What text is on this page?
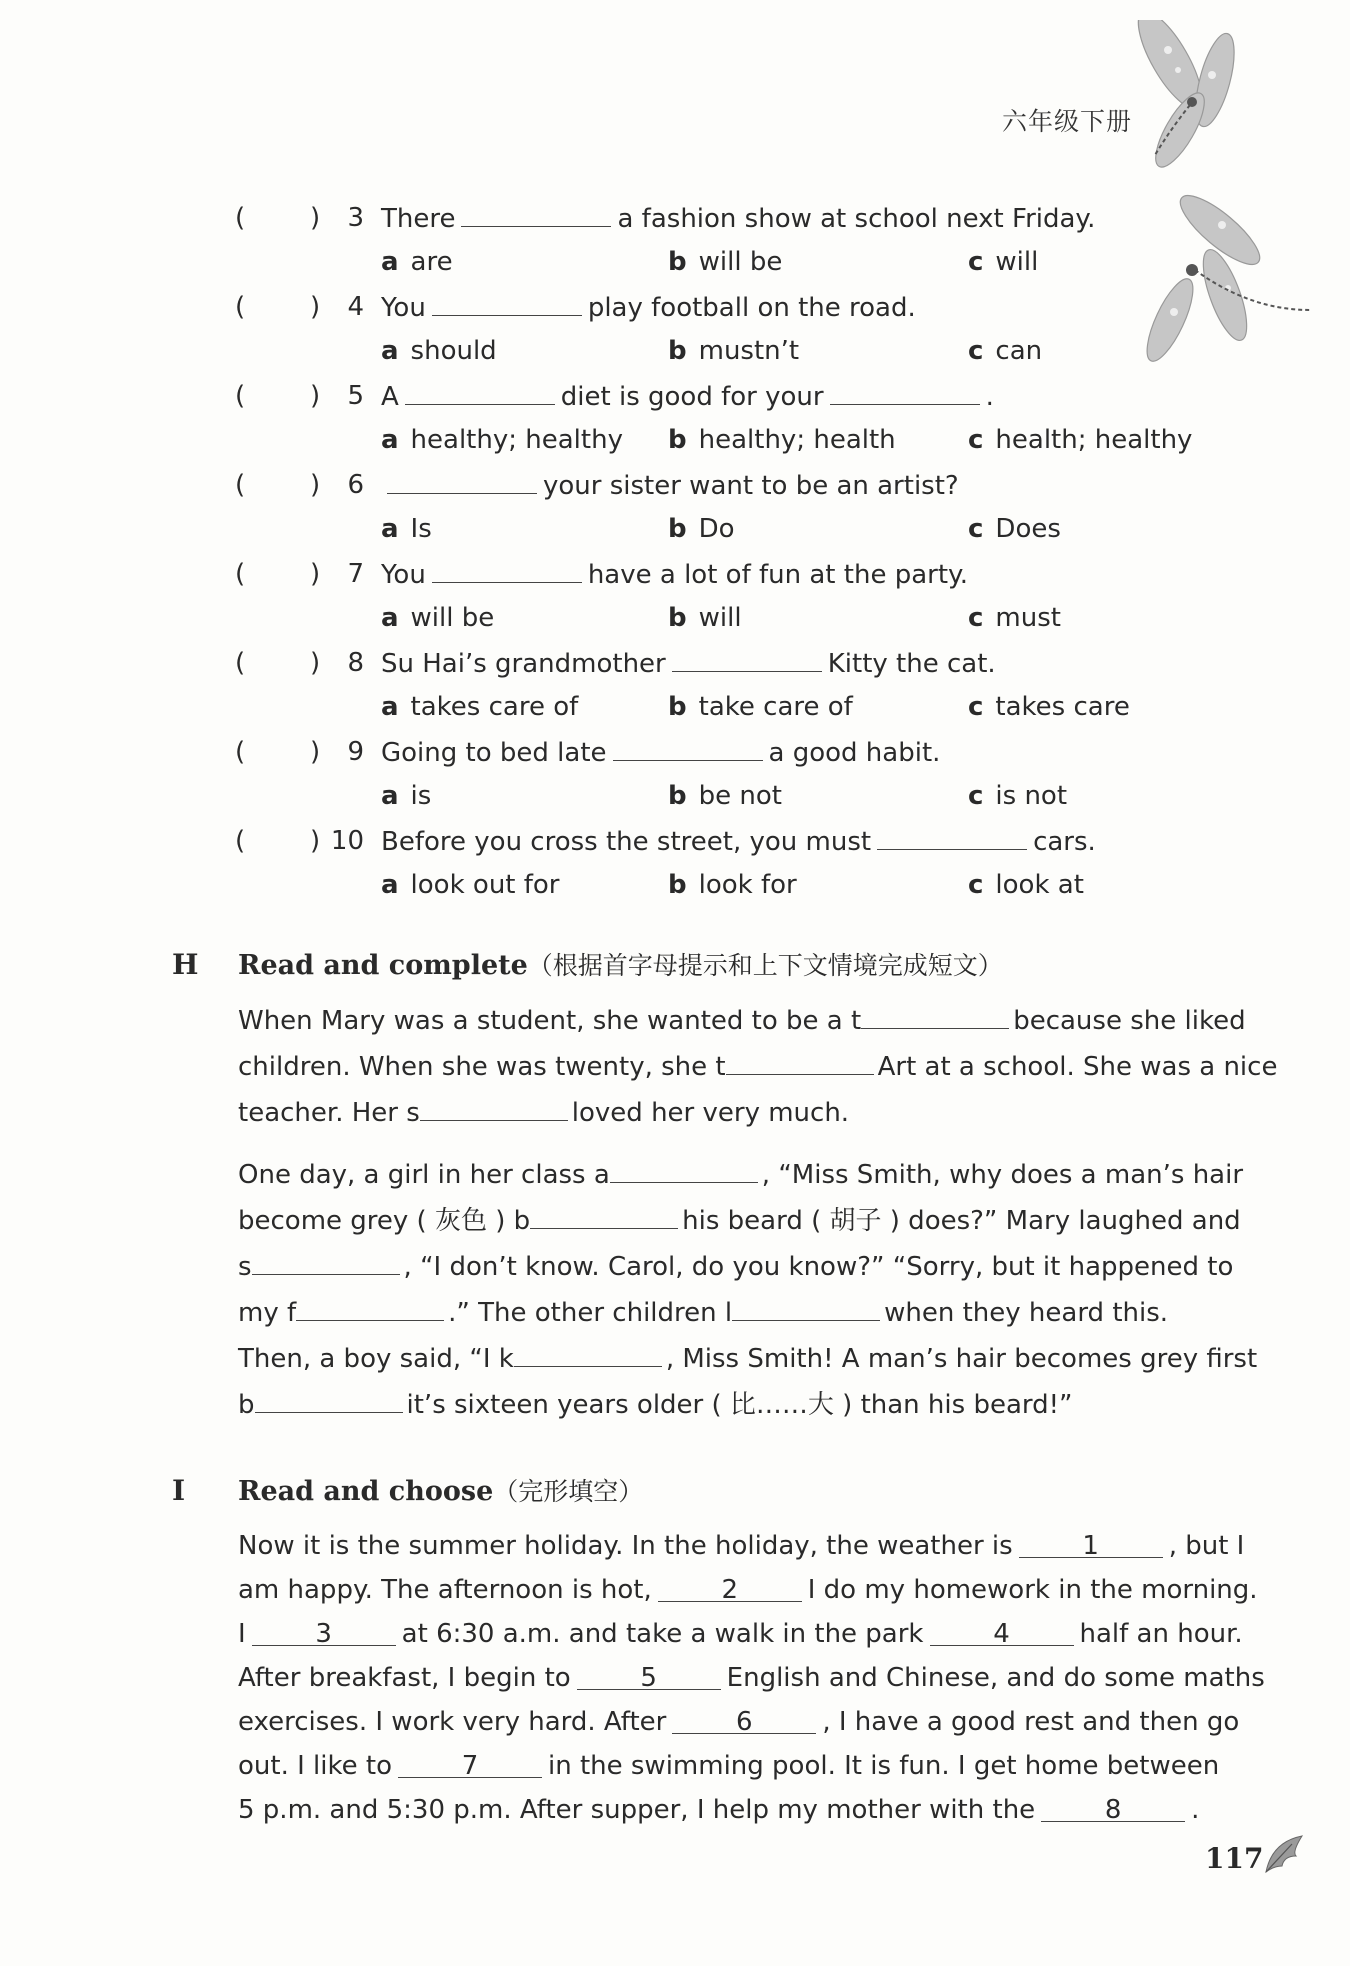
六年级下册
( )	3 There	a fashion show at school next Friday.
a are	b will be	c will
( )	4 You	play football on the road.
a should	b mustn’t	c can
( )	5 A	diet is good for your	.
a healthy; healthy b healthy; health	c health; healthy
( )	6	your sister want to be an artist?
a Is	b Do	c Does
( )	7 You	have a lot of fun at the party.
a will be	b will	c must
( )	8 Su Hai’s grandmother	Kitty the cat.
a takes care of	b take care of	c takes care
( )	9 Going to bed late	a good habit.
a is	b be not	c is not
( ) 10 Before you cross the street, you must	cars.
a look out for	b look for	c look at
H Read and complete（根据首字母提示和上下文情境完成短文）
When Mary was a student, she wanted to be a t	because she liked
children. When she was twenty, she t	Art at a school. She was a nice
teacher. Her s	loved her very much.
One day, a girl in her class a	, “Miss Smith, why does a man’s hair
become grey ( 灰色 ) b	his beard ( 胡子 ) does?” Mary laughed and
s	, “I don’t know. Carol, do you know?” “Sorry, but it happened to
my f	.” The other children l	when they heard this.
Then, a boy said, “I k	, Miss Smith! A man’s hair becomes grey first
b	it’s sixteen years older ( 比……大 ) than his beard!”
I Read and choose（完形填空）
Now it is the summer holiday. In the holiday, the weather is	1	, but I
am happy. The afternoon is hot,	2	I do my homework in the morning.
I	3	at 6:30 a.m. and take a walk in the park	4	half an hour.
After breakfast, I begin to	5	English and Chinese, and do some maths
exercises. I work very hard. After	6	, I have a good rest and then go
out. I like to	7	in the swimming pool. It is fun. I get home between
5 p.m. and 5:30 p.m. After supper, I help my mother with the	8	.
117
